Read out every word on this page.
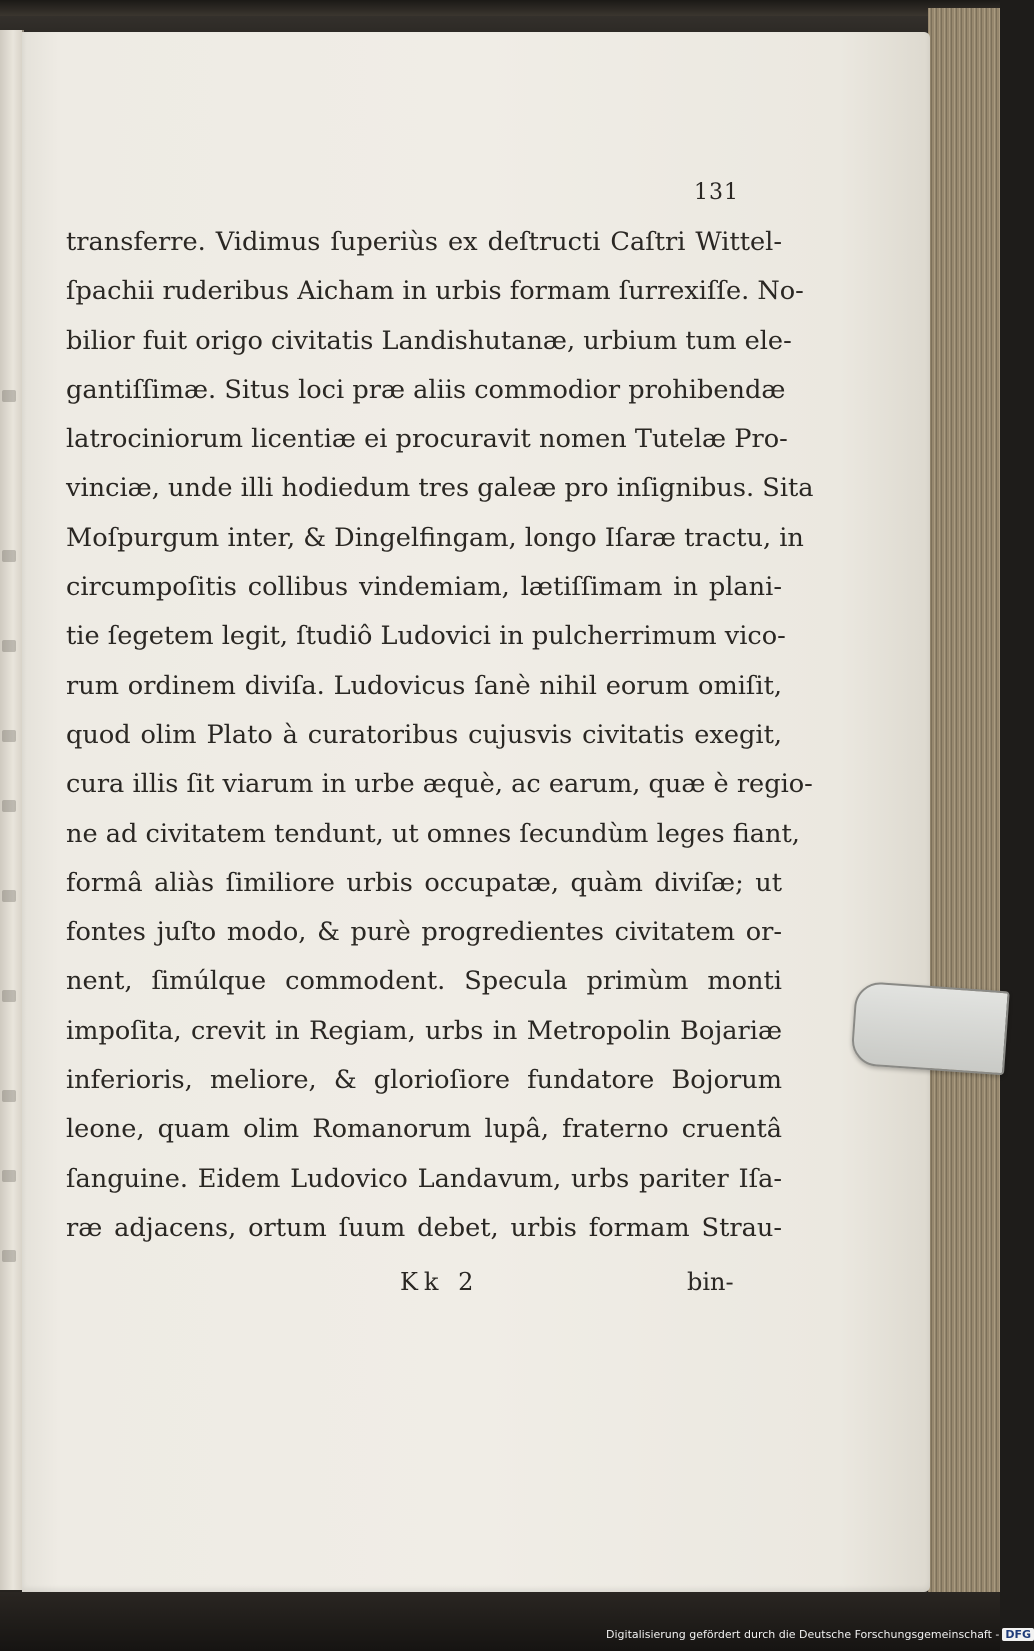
131
transferre. Vidimus ſuperiùs ex deſtructi Caſtri Wittel-
ſpachii ruderibus Aicham in urbis formam ſurrexiſſe. No-
bilior fuit origo civitatis Landishutanæ, urbium tum ele-
gantiſſimæ. Situs loci præ aliis commodior prohibendæ
latrociniorum licentiæ ei procuravit nomen Tutelæ Pro-
vinciæ, unde illi hodiedum tres galeæ pro inſignibus. Sita
Moſpurgum inter, & Dingelfingam, longo Iſaræ tractu, in
circumpoſitis collibus vindemiam, lætiſſimam in plani-
tie ſegetem legit, ſtudiô Ludovici in pulcherrimum vico-
rum ordinem diviſa. Ludovicus ſanè nihil eorum omiſit,
quod olim Plato à curatoribus cujusvis civitatis exegit,
cura illis ſit viarum in urbe æquè, ac earum, quæ è regio-
ne ad civitatem tendunt, ut omnes ſecundùm leges fiant,
formâ aliàs ſimiliore urbis occupatæ, quàm diviſæ; ut
fontes juſto modo, & purè progredientes civitatem or-
nent, ſimúlque commodent. Specula primùm monti
impoſita, crevit in Regiam, urbs in Metropolin Bojariæ
inferioris, meliore, & glorioſiore fundatore Bojorum
leone, quam olim Romanorum lupâ, fraterno cruentâ
ſanguine. Eidem Ludovico Landavum, urbs pariter Iſa-
ræ adjacens, ortum ſuum debet, urbis formam Strau-
Kk 2	bin-
Digitalisierung gefördert durch die Deutsche Forschungsgemeinschaft - DFG
